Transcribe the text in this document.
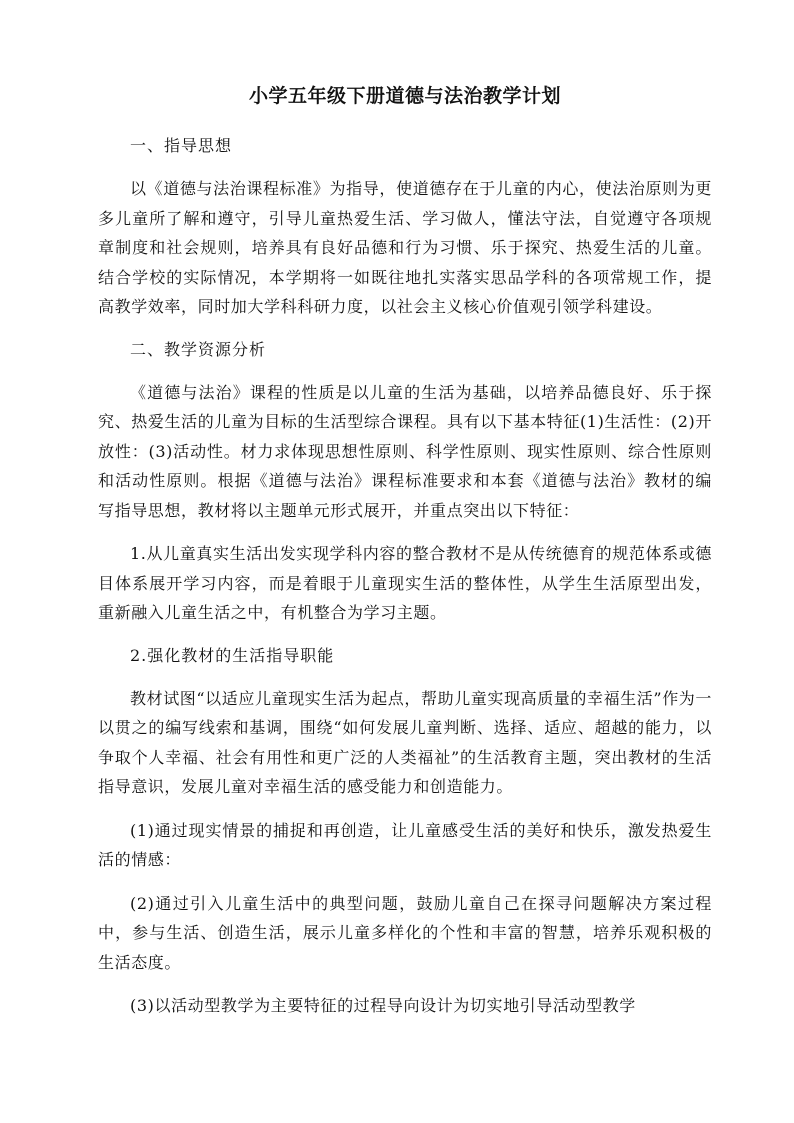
小学五年级下册道德与法治教学计划

一、指导思想

以《道德与法治课程标准》为指导，使道德存在于儿童的内心，使法治原则为更多儿童所了解和遵守，引导儿童热爱生活、学习做人，懂法守法，自觉遵守各项规章制度和社会规则，培养具有良好品德和行为习惯、乐于探究、热爱生活的儿童。结合学校的实际情况，本学期将一如既往地扎实落实思品学科的各项常规工作，提高教学效率，同时加大学科科研力度，以社会主义核心价值观引领学科建设。

二、教学资源分析

《道德与法治》课程的性质是以儿童的生活为基础，以培养品德良好、乐于探究、热爱生活的儿童为目标的生活型综合课程。具有以下基本特征(1)生活性：(2)开放性：(3)活动性。材力求体现思想性原则、科学性原则、现实性原则、综合性原则和活动性原则。根据《道德与法治》课程标准要求和本套《道德与法治》教材的编写指导思想，教材将以主题单元形式展开，并重点突出以下特征：

1.从儿童真实生活出发实现学科内容的整合教材不是从传统德育的规范体系或德目体系展开学习内容，而是着眼于儿童现实生活的整体性，从学生生活原型出发，重新融入儿童生活之中，有机整合为学习主题。

2.强化教材的生活指导职能

教材试图“以适应儿童现实生活为起点，帮助儿童实现高质量的幸福生活”作为一以贯之的编写线索和基调，围绕“如何发展儿童判断、选择、适应、超越的能力，以争取个人幸福、社会有用性和更广泛的人类福祉”的生活教育主题，突出教材的生活指导意识，发展儿童对幸福生活的感受能力和创造能力。

(1)通过现实情景的捕捉和再创造，让儿童感受生活的美好和快乐，激发热爱生活的情感：

(2)通过引入儿童生活中的典型问题，鼓励儿童自己在探寻问题解决方案过程中，参与生活、创造生活，展示儿童多样化的个性和丰富的智慧，培养乐观积极的生活态度。

(3)以活动型教学为主要特征的过程导向设计为切实地引导活动型教学
